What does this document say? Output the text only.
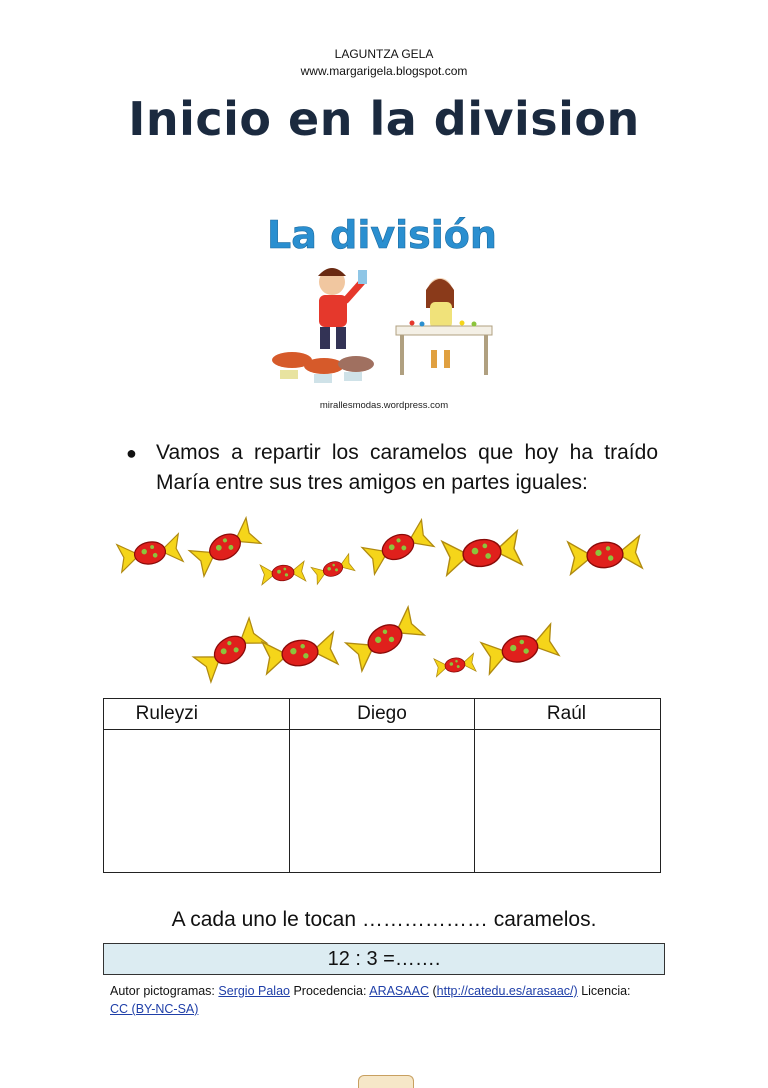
LAGUNTZA GELA
www.margarigela.blogspot.com
Inicio en la division
La división
mirallesmodas.wordpress.com
● Vamos a repartir los caramelos que hoy ha traído
María entre sus tres amigos en partes iguales:
Ruleyzi	Diego	Raúl

A cada uno le tocan ……………… caramelos.
12 : 3 =…….
Autor pictogramas: Sergio Palao Procedencia: ARASAAC (http://catedu.es/arasaac/) Licencia:
CC (BY-NC-SA)
